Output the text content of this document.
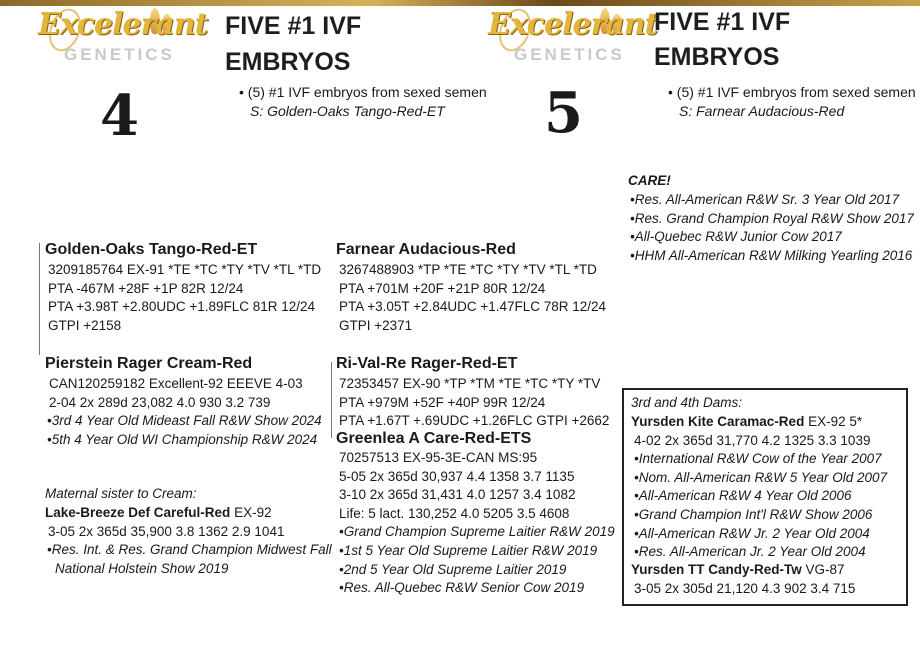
Excelerant
GENETICS
FIVE #1 IVF
EMBRYOS
4	• (5) #1 IVF embryos from sexed semen
S: Golden-Oaks Tango-Red-ET
Excelerant
GENETICS
FIVE #1 IVF
EMBRYOS
5	• (5) #1 IVF embryos from sexed semen
S: Farnear Audacious-Red
CARE!
•Res. All-American R&W Sr. 3 Year Old 2017
•Res. Grand Champion Royal R&W Show 2017
•All-Quebec R&W Junior Cow 2017
•HHM All-American R&W Milking Yearling 2016
Golden-Oaks Tango-Red-ET
3209185764 EX-91 *TE *TC *TY *TV *TL *TD
PTA -467M +28F +1P 82R 12/24
PTA +3.98T +2.80UDC +1.89FLC 81R 12/24
GTPI +2158
Farnear Audacious-Red
3267488903 *TP *TE *TC *TY *TV *TL *TD
PTA +701M +20F +21P 80R 12/24
PTA +3.05T +2.84UDC +1.47FLC 78R 12/24
GTPI +2371
Pierstein Rager Cream-Red
CAN120259182 Excellent-92 EEEVE 4-03
2-04 2x 289d 23,082 4.0 930 3.2 739
•3rd 4 Year Old Mideast Fall R&W Show 2024
•5th 4 Year Old WI Championship R&W 2024
Maternal sister to Cream:
Lake-Breeze Def Careful-Red EX-92
3-05 2x 365d 35,900 3.8 1362 2.9 1041
•Res. Int. & Res. Grand Champion Midwest Fall
National Holstein Show 2019
Ri-Val-Re Rager-Red-ET
72353457 EX-90 *TP *TM *TE *TC *TY *TV
PTA +979M +52F +40P 99R 12/24
PTA +1.67T +.69UDC +1.26FLC GTPI +2662
Greenlea A Care-Red-ETS
70257513 EX-95-3E-CAN MS:95
5-05 2x 365d 30,937 4.4 1358 3.7 1135
3-10 2x 365d 31,431 4.0 1257 3.4 1082
Life: 5 lact. 130,252 4.0 5205 3.5 4608
•Grand Champion Supreme Laitier R&W 2019
•1st 5 Year Old Supreme Laitier R&W 2019
•2nd 5 Year Old Supreme Laitier 2019
•Res. All-Quebec R&W Senior Cow 2019
3rd and 4th Dams:
Yursden Kite Caramac-Red EX-92 5*
4-02 2x 365d 31,770 4.2 1325 3.3 1039
•International R&W Cow of the Year 2007
•Nom. All-American R&W 5 Year Old 2007
•All-American R&W 4 Year Old 2006
•Grand Champion Int'l R&W Show 2006
•All-American R&W Jr. 2 Year Old 2004
•Res. All-American Jr. 2 Year Old 2004
Yursden TT Candy-Red-Tw VG-87
3-05 2x 305d 21,120 4.3 902 3.4 715
